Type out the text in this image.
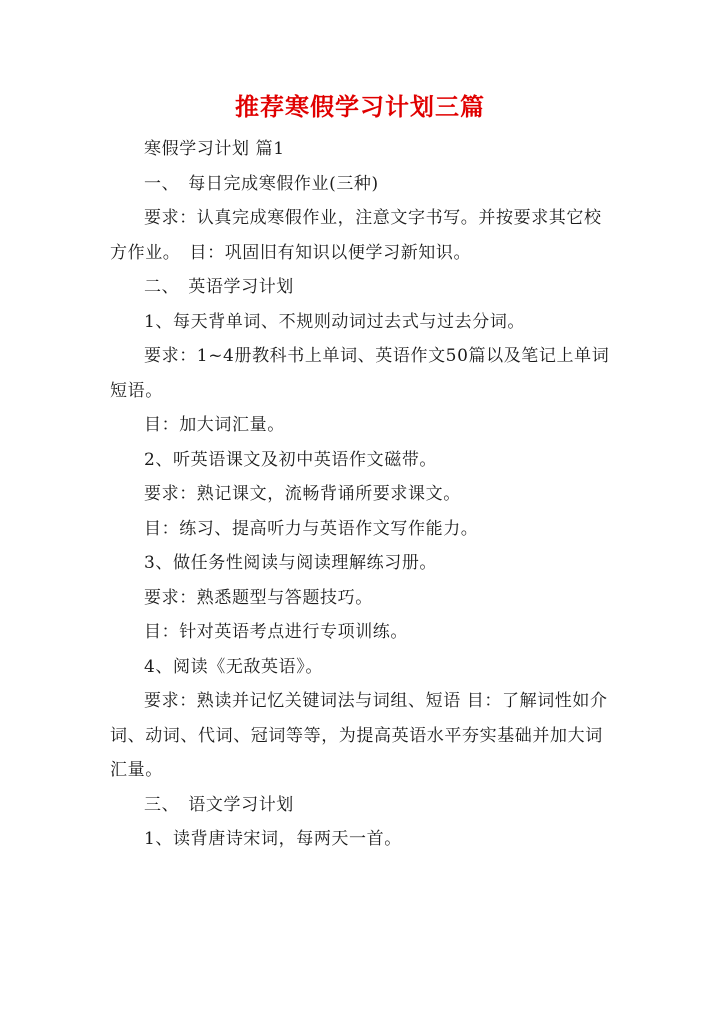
推荐寒假学习计划三篇

寒假学习计划 篇1

一、　每日完成寒假作业(三种)

要求：认真完成寒假作业，注意文字书写。并按要求其它校方作业。　目：巩固旧有知识以便学习新知识。

二、　英语学习计划

1、每天背单词、不规则动词过去式与过去分词。

要求：1~4册教科书上单词、英语作文50篇以及笔记上单词短语。

目：加大词汇量。

2、听英语课文及初中英语作文磁带。

要求：熟记课文，流畅背诵所要求课文。

目：练习、提高听力与英语作文写作能力。

3、做任务性阅读与阅读理解练习册。

要求：熟悉题型与答题技巧。

目：针对英语考点进行专项训练。

4、阅读《无敌英语》。

要求：熟读并记忆关键词法与词组、短语 目：了解词性如介词、动词、代词、冠词等等，为提高英语水平夯实基础并加大词汇量。

三、　语文学习计划

1、读背唐诗宋词，每两天一首。
